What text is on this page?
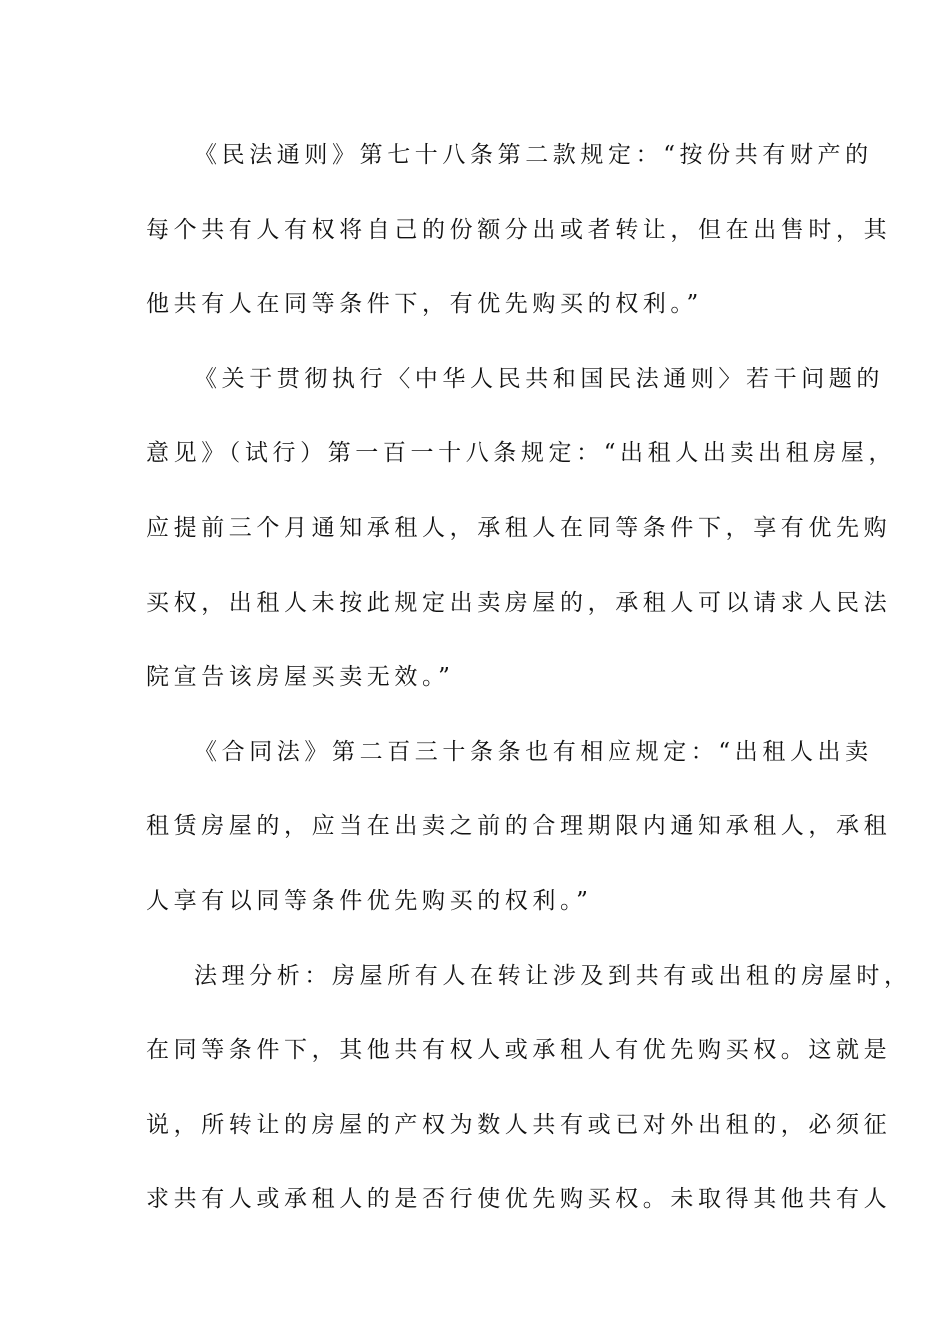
《民法通则》第七十八条第二款规定：“按份共有财产的
每个共有人有权将自己的份额分出或者转让，但在出售时，其
他共有人在同等条件下，有优先购买的权利。”

《关于贯彻执行〈中华人民共和国民法通则〉若干问题的
意见》（试行）第一百一十八条规定：“出租人出卖出租房屋，
应提前三个月通知承租人，承租人在同等条件下，享有优先购
买权，出租人未按此规定出卖房屋的，承租人可以请求人民法
院宣告该房屋买卖无效。”

《合同法》第二百三十条条也有相应规定：“出租人出卖
租赁房屋的，应当在出卖之前的合理期限内通知承租人，承租
人享有以同等条件优先购买的权利。”

法理分析：房屋所有人在转让涉及到共有或出租的房屋时，
在同等条件下，其他共有权人或承租人有优先购买权。这就是
说，所转让的房屋的产权为数人共有或已对外出租的，必须征
求共有人或承租人的是否行使优先购买权。未取得其他共有人
